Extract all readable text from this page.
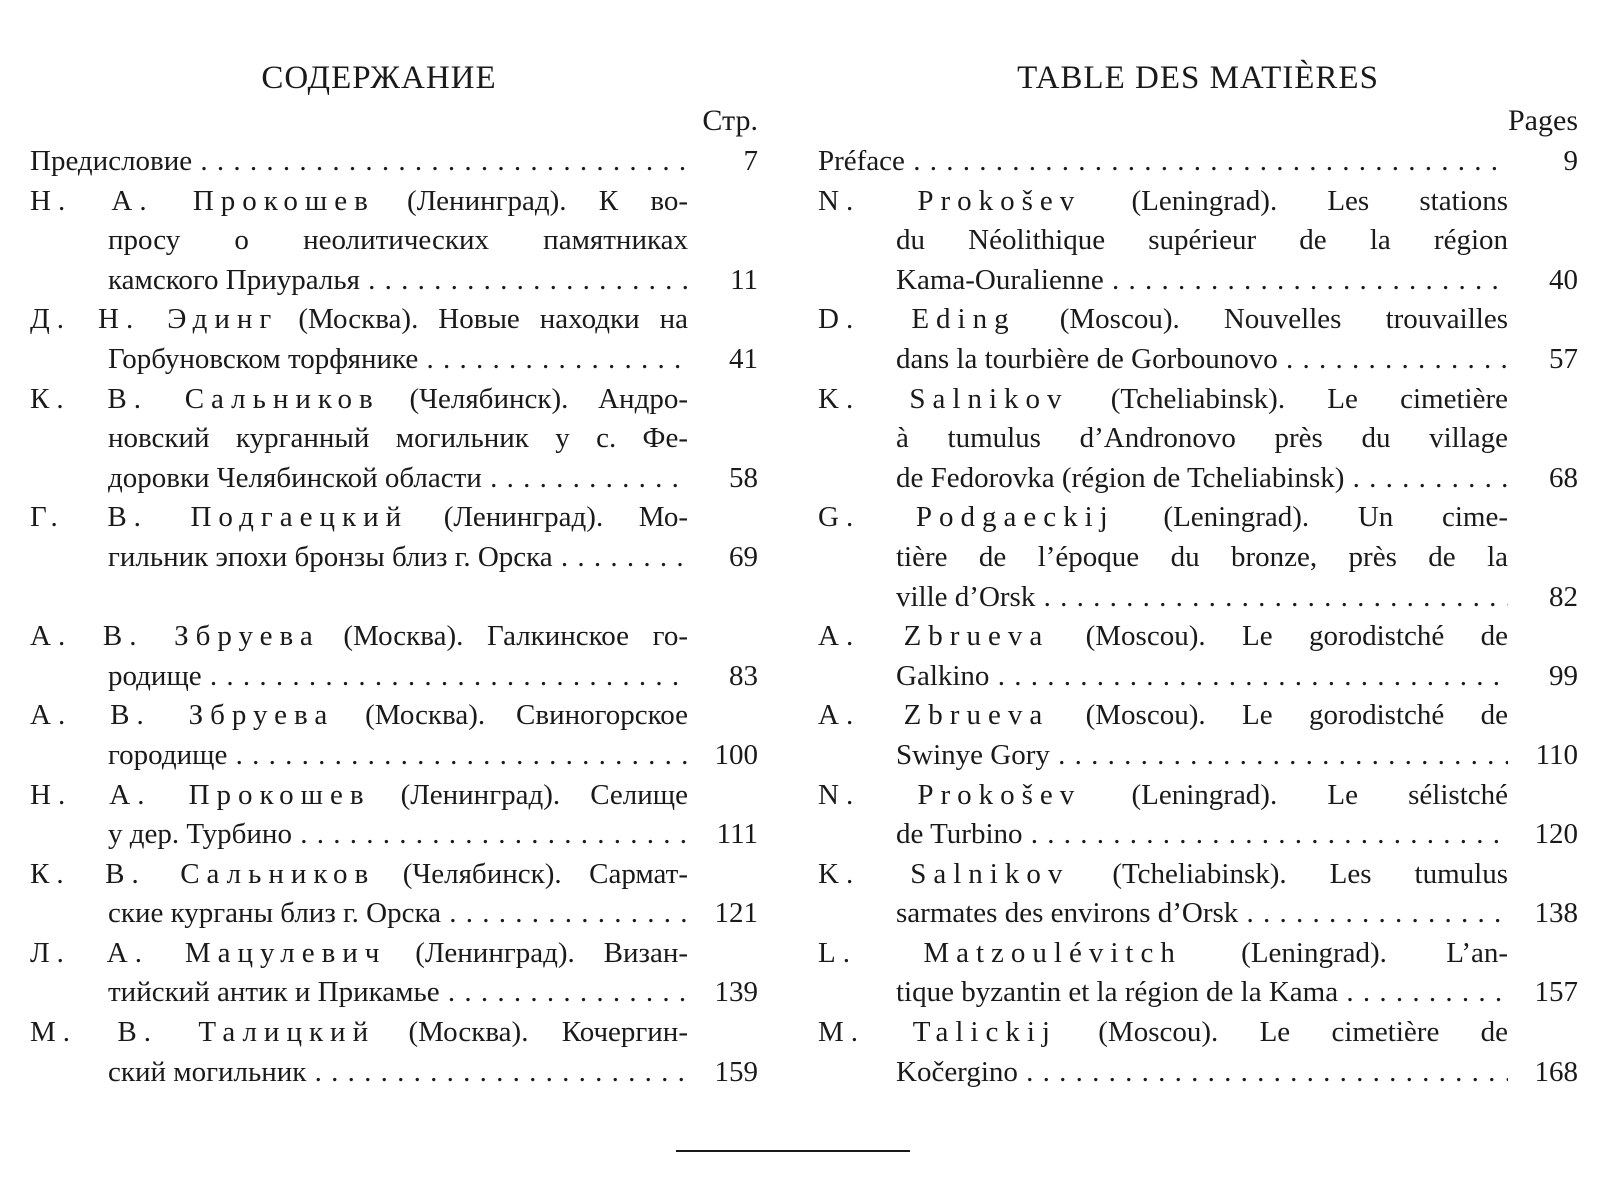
СОДЕРЖАНИЕ
Стр.
Предисловие . . .	7
Н. А. Прокошев (Ленинград). К во-
просу о неолитических памятниках
камского Приуралья . . .	11
Д. Н. Эдинг (Москва). Новые находки на
Горбуновском торфянике . . .	41
К. В. Сальников (Челябинск). Андро-
новский курганный могильник у с. Фе-
доровки Челябинской области . . .	58
Г. В. Подгаецкий (Ленинград). Мо-
гильник эпохи бронзы близ г. Орска . . .	69
А. В. Збруева (Москва). Галкинское го-
родище . . .	83
А. В. Збруева (Москва). Свиногорское
городище . . .	100
Н. А. Прокошев (Ленинград). Селище
у дер. Турбино . . .	111
К. В. Сальников (Челябинск). Сармат-
ские курганы близ г. Орска . . .	121
Л. А. Мацулевич (Ленинград). Визан-
тийский антик и Прикамье . . .	139
М. В. Талицкий (Москва). Кочергин-
ский могильник . . .	159
TABLE DES MATIÈRES
Pages
Préface . . .	9
N. Prokošev (Leningrad). Les stations
du Néolithique supérieur de la région
Kama-Ouralienne . . .	40
D. Eding (Moscou). Nouvelles trouvailles
dans la tourbière de Gorbounovo . . .	57
K. Salnikov (Tcheliabinsk). Le cimetière
à tumulus d’Andronovo près du village
de Fedorovka (région de Tcheliabinsk) . . .	68
G. Podgaeckij (Leningrad). Un cime-
tière de l’époque du bronze, près de la
ville d’Orsk . . .	82
A. Zbrueva (Moscou). Le gorodistché de
Galkino . . .	99
A. Zbrueva (Moscou). Le gorodistché de
Swinye Gory . . .	110
N. Prokošev (Leningrad). Le sélistché
de Turbino . . .	120
K. Salnikov (Tcheliabinsk). Les tumulus
sarmates des environs d’Orsk . . .	138
L. Matzoulévitch (Leningrad). L’an-
tique byzantin et la région de la Kama . . .	157
M. Talickij (Moscou). Le cimetière de
Kočergino . . .	168
